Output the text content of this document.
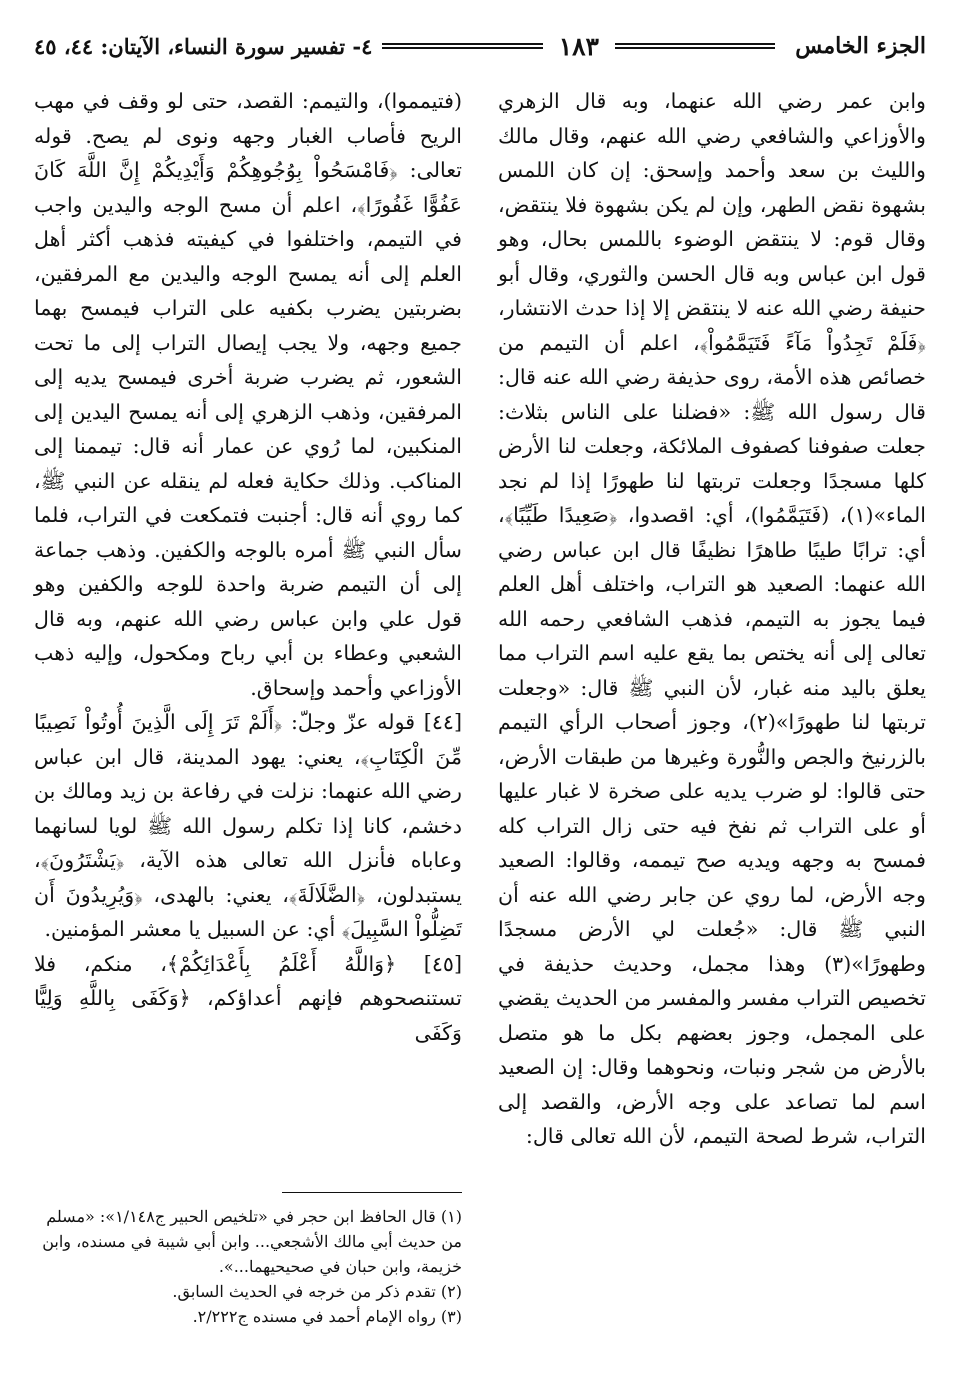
الجزء الخامس
١٨٣
٤- تفسير سورة النساء، الآيتان: ٤٤، ٤٥

وابن عمر رضي الله عنهما، وبه قال الزهري والأوزاعي والشافعي رضي الله عنهم، وقال مالك والليث بن سعد وأحمد وإسحق: إن كان اللمس بشهوة نقض الطهر، وإن لم يكن بشهوة فلا ينتقض، وقال قوم: لا ينتقض الوضوء باللمس بحال، وهو قول ابن عباس وبه قال الحسن والثوري، وقال أبو حنيفة رضي الله عنه لا ينتقض إلا إذا حدث الانتشار، ﴿فَلَمْ تَجِدُواْ مَآءً فَتَيَمَّمُواْ﴾، اعلم أن التيمم من خصائص هذه الأمة، روى حذيفة رضي الله عنه قال: قال رسول الله ﷺ: «فضلنا على الناس بثلاث: جعلت صفوفنا كصفوف الملائكة، وجعلت لنا الأرض كلها مسجدًا وجعلت تربتها لنا طهورًا إذا لم نجد الماء»(١)، (فَتَيَمَّمُوا)، أي: اقصدوا، ﴿صَعِيدًا طَيِّبًا﴾، أي: ترابًا طيبًا طاهرًا نظيفًا قال ابن عباس رضي الله عنهما: الصعيد هو التراب، واختلف أهل العلم فيما يجوز به التيمم، فذهب الشافعي رحمه الله تعالى إلى أنه يختص بما يقع عليه اسم التراب مما يعلق باليد منه غبار، لأن النبي ﷺ قال: «وجعلت تربتها لنا طهورًا»(٢)، وجوز أصحاب الرأي التيمم بالزرنيخ والجص والنُّورة وغيرها من طبقات الأرض، حتى قالوا: لو ضرب يديه على صخرة لا غبار عليها أو على التراب ثم نفخ فيه حتى زال التراب كله فمسح به وجهه ويديه صح تيممه، وقالوا: الصعيد وجه الأرض، لما روي عن جابر رضي الله عنه أن النبي ﷺ قال: «جُعلت لي الأرض مسجدًا وطهورًا»(٣) وهذا مجمل، وحديث حذيفة في تخصيص التراب مفسر والمفسر من الحديث يقضي على المجمل، وجوز بعضهم بكل ما هو متصل بالأرض من شجر ونبات، ونحوهما وقال: إن الصعيد اسم لما تصاعد على وجه الأرض، والقصد إلى التراب، شرط لصحة التيمم، لأن الله تعالى قال:

(فتيمموا)، والتيمم: القصد، حتى لو وقف في مهب الريح فأصاب الغبار وجهه ونوى لم يصح. قوله تعالى: ﴿فَامْسَحُواْ بِوُجُوهِكُمْ وَأَيْدِيكُمْ إِنَّ اللَّهَ كَانَ عَفُوًّا غَفُورًا﴾، اعلم أن مسح الوجه واليدين واجب في التيمم، واختلفوا في كيفيته فذهب أكثر أهل العلم إلى أنه يمسح الوجه واليدين مع المرفقين، بضربتين يضرب بكفيه على التراب فيمسح بهما جميع وجهه، ولا يجب إيصال التراب إلى ما تحت الشعور، ثم يضرب ضربة أخرى فيمسح يديه إلى المرفقين، وذهب الزهري إلى أنه يمسح اليدين إلى المنكبين، لما رُوي عن عمار أنه قال: تيممنا إلى المناكب. وذلك حكاية فعله لم ينقله عن النبي ﷺ، كما روي أنه قال: أجنبت فتمكعت في التراب، فلما سأل النبي ﷺ أمره بالوجه والكفين. وذهب جماعة إلى أن التيمم ضربة واحدة للوجه والكفين وهو قول علي وابن عباس رضي الله عنهم، وبه قال الشعبي وعطاء بن أبي رباح ومكحول، وإليه ذهب الأوزاعي وأحمد وإسحاق.

[٤٤] قوله عزّ وجلّ: ﴿أَلَمْ تَرَ إِلَى الَّذِينَ أُوتُواْ نَصِيبًا مِّنَ الْكِتَابِ﴾، يعني: يهود المدينة، قال ابن عباس رضي الله عنهما: نزلت في رفاعة بن زيد ومالك بن دخشم، كانا إذا تكلم رسول الله ﷺ لويا لسانهما وعاباه فأنزل الله تعالى هذه الآية، ﴿يَشْتَرُونَ﴾، يستبدلون، ﴿الضَّلَالَةَ﴾، يعني: بالهدى، ﴿وَيُرِيدُونَ أَن تَضِلُّواْ السَّبِيلَ﴾ أي: عن السبيل يا معشر المؤمنين.

[٤٥] ﴿وَاللَّهُ أَعْلَمُ بِأَعْدَائِكُمْ﴾، منكم، فلا تستنصحوهم فإنهم أعداؤكم، ﴿وَكَفَى بِاللَّهِ وَلِيًّا وَكَفَى

(١) قال الحافظ ابن حجر في «تلخيص الحبير ج١/١٤٨»: «مسلم من حديث أبي مالك الأشجعي... وابن أبي شيبة في مسنده، وابن خزيمة، وابن حبان في صحيحيهما...».

(٢) تقدم ذكر من خرجه في الحديث السابق.

(٣) رواه الإمام أحمد في مسنده ج٢/٢٢٢.
